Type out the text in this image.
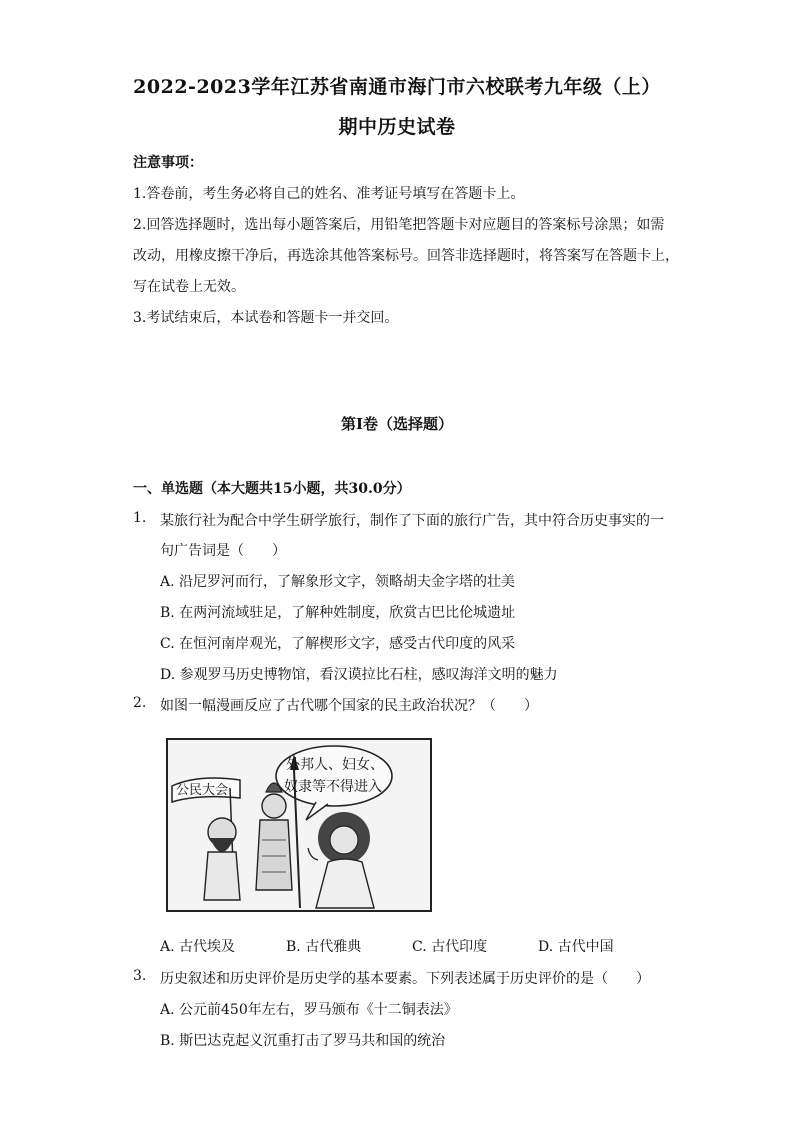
2022-2023学年江苏省南通市海门市六校联考九年级（上）
期中历史试卷
注意事项：
1.答卷前，考生务必将自己的姓名、准考证号填写在答题卡上。
2.回答选择题时，选出每小题答案后，用铅笔把答题卡对应题目的答案标号涂黑；如需
改动，用橡皮擦干净后，再选涂其他答案标号。回答非选择题时，将答案写在答题卡上，
写在试卷上无效。
3.考试结束后，本试卷和答题卡一并交回。
第I卷（选择题）
一、单选题（本大题共15小题，共30.0分）
1. 某旅行社为配合中学生研学旅行，制作了下面的旅行广告，其中符合历史事实的一
句广告词是（　　）
A. 沿尼罗河而行，了解象形文字，领略胡夫金字塔的壮美
B. 在两河流域驻足，了解种姓制度，欣赏古巴比伦城遗址
C. 在恒河南岸观光，了解楔形文字，感受古代印度的风采
D. 参观罗马历史博物馆，看汉谟拉比石柱，感叹海洋文明的魅力
2. 如图一幅漫画反应了古代哪个国家的民主政治状况？（　　）
公民大会
外邦人、妇女、
奴隶等不得进入
A. 古代埃及	B. 古代雅典	C. 古代印度	D. 古代中国
3. 历史叙述和历史评价是历史学的基本要素。下列表述属于历史评价的是（　　）
A. 公元前450年左右，罗马颁布《十二铜表法》
B. 斯巴达克起义沉重打击了罗马共和国的统治
